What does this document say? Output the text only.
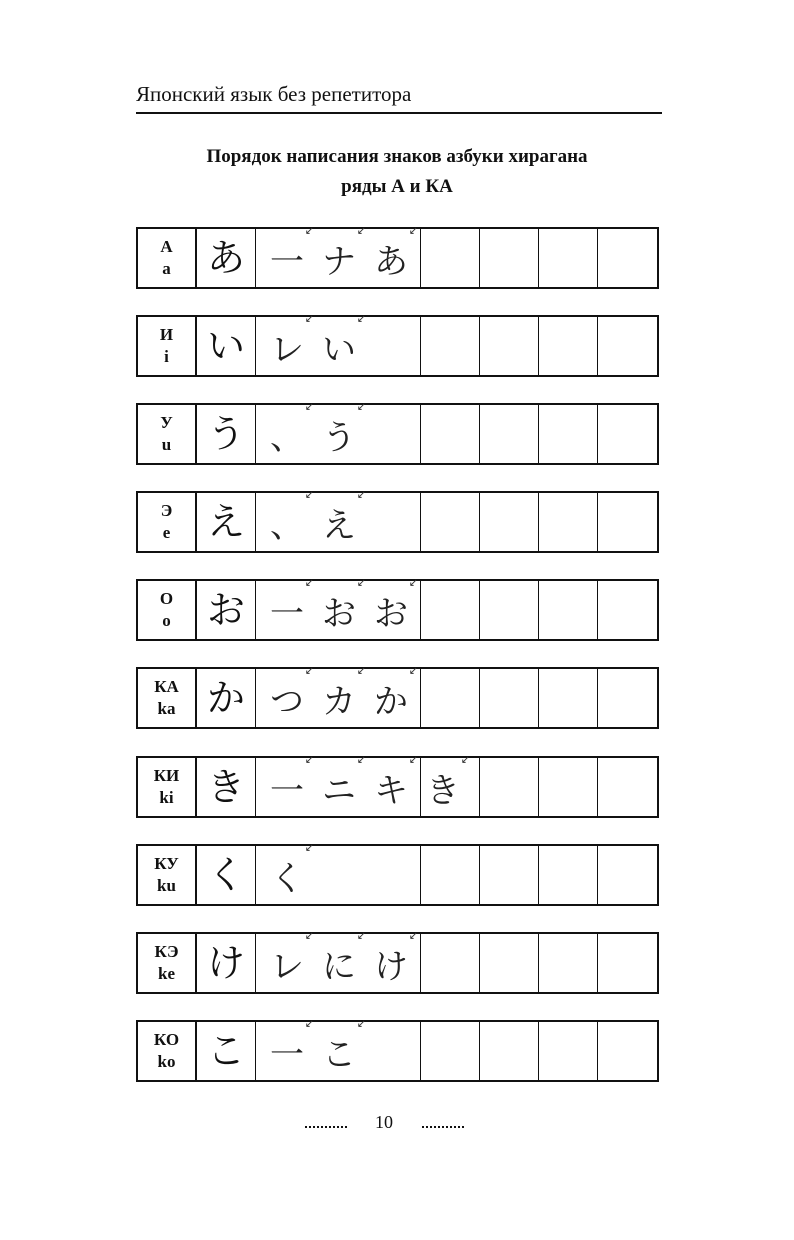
Японский язык без репетитора
Порядок написания знаков азбуки хирагана
ряды А и КА
А
a あ 一
↙
ナ
↙
あ
↙
И
i い レ
↙
い
↙
У
u う 、
↙
う
↙
Э
e え 、
↙
え
↙
О
o お 一
↙
お
↙
お
↙
КА
ka か つ
↙
カ
↙
か
↙
КИ
ki き 一
↙
ニ
↙
キ
↙
き
↙
КУ
ku く く
↙
КЭ
ke け レ
↙
に
↙
け
↙
КО
ko こ 一
↙
こ
↙
10
